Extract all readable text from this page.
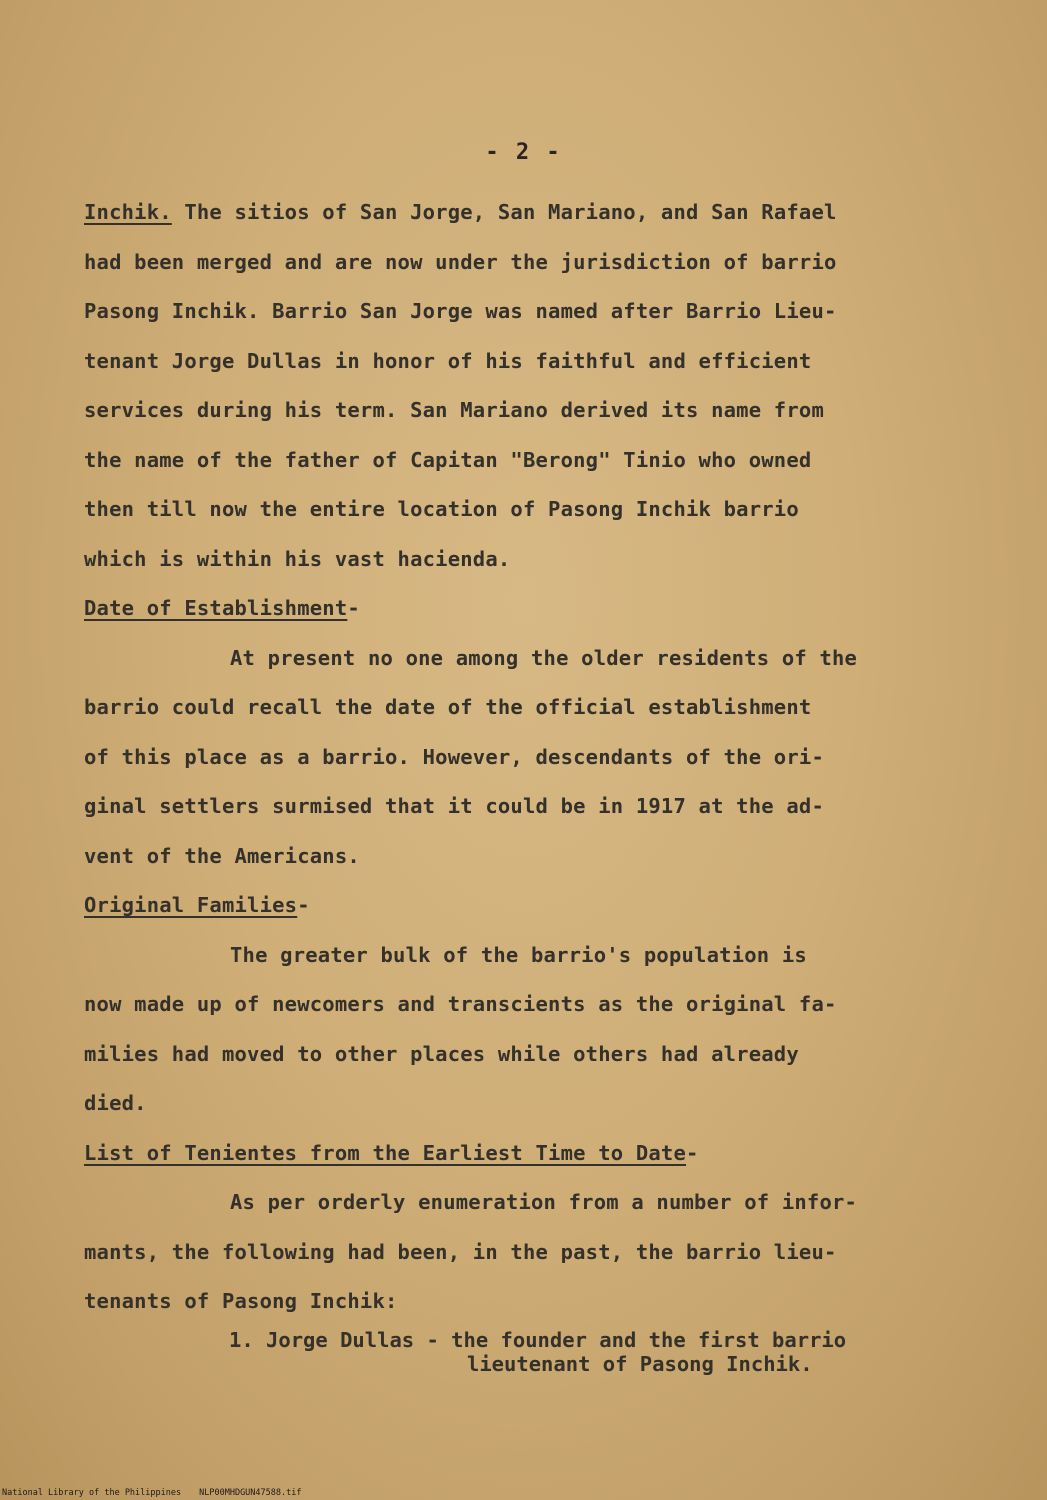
- 2 -
Inchik. The sitios of San Jorge, San Mariano, and San Rafael
had been merged and are now under the jurisdiction of barrio
Pasong Inchik. Barrio San Jorge was named after Barrio Lieu-
tenant Jorge Dullas in honor of his faithful and efficient
services during his term. San Mariano derived its name from
the name of the father of Capitan "Berong" Tinio who owned
then till now the entire location of Pasong Inchik barrio
which is within his vast hacienda.
Date of Establishment-
At present no one among the older residents of the
barrio could recall the date of the official establishment
of this place as a barrio. However, descendants of the ori-
ginal settlers surmised that it could be in 1917 at the ad-
vent of the Americans.
Original Families-
The greater bulk of the barrio's population is
now made up of newcomers and transcients as the original fa-
milies had moved to other places while others had already
died.
List of Tenientes from the Earliest Time to Date-
As per orderly enumeration from a number of infor-
mants, the following had been, in the past, the barrio lieu-
tenants of Pasong Inchik:
1. Jorge Dullas - the founder and the first barrio
lieutenant of Pasong Inchik.
National Library of the Philippines NLP00MHDGUN47588.tif
